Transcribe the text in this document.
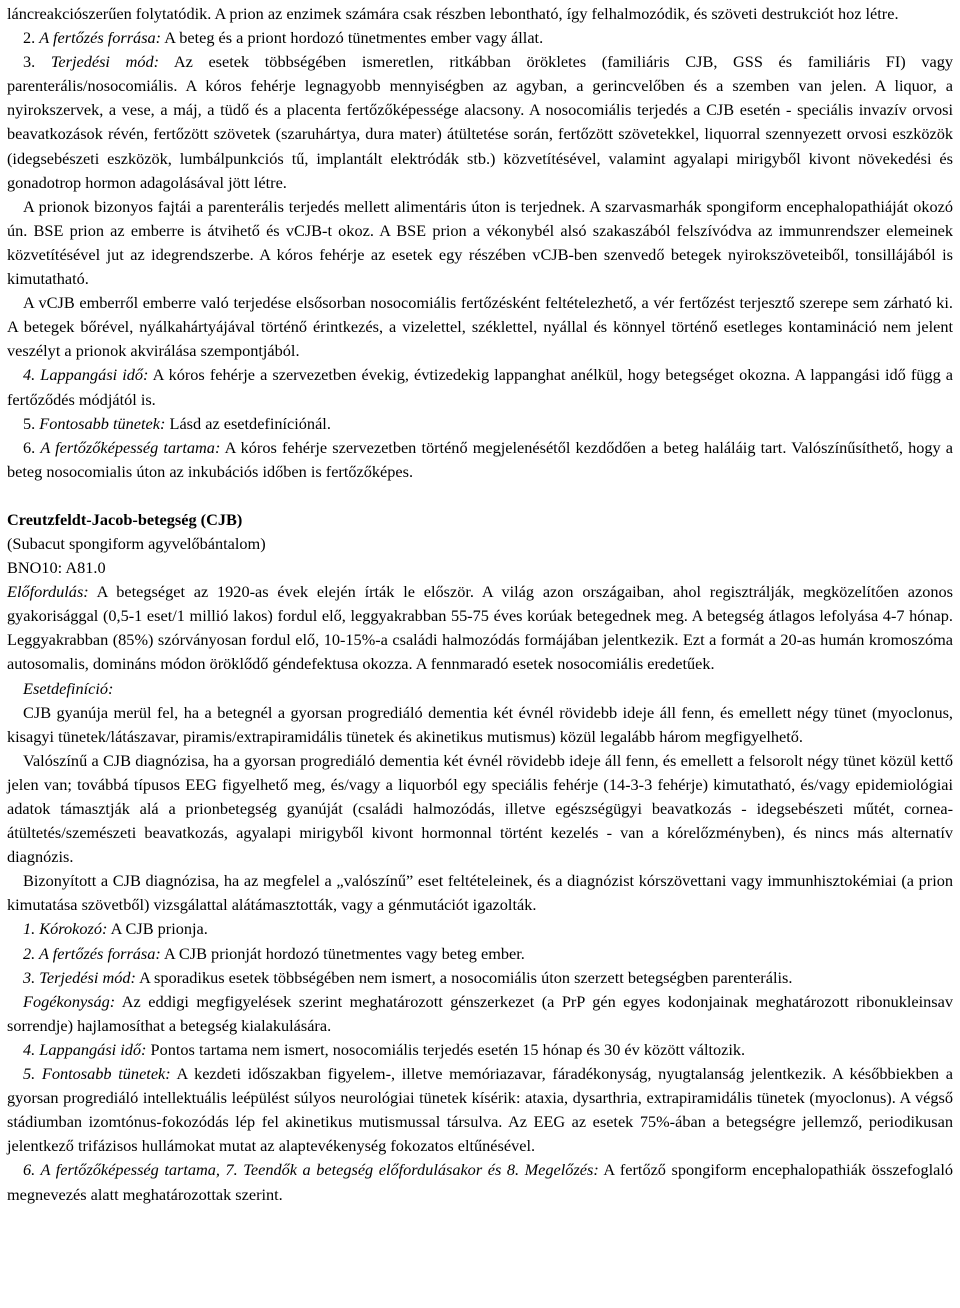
láncreakciószerűen folytatódik. A prion az enzimek számára csak részben lebontható, így felhalmozódik, és szöveti destrukciót hoz létre.

2. A fertőzés forrása: A beteg és a priont hordozó tünetmentes ember vagy állat.

3. Terjedési mód: Az esetek többségében ismeretlen, ritkábban örökletes (familiáris CJB, GSS és familiáris FI) vagy parenterális/nosocomiális. A kóros fehérje legnagyobb mennyiségben az agyban, a gerincvelőben és a szemben van jelen. A liquor, a nyirokszervek, a vese, a máj, a tüdő és a placenta fertőzőképessége alacsony. A nosocomiális terjedés a CJB esetén - speciális invazív orvosi beavatkozások révén, fertőzött szövetek (szaruhártya, dura mater) átültetése során, fertőzött szövetekkel, liquorral szennyezett orvosi eszközök (idegsebészeti eszközök, lumbálpunkciós tű, implantált elektródák stb.) közvetítésével, valamint agyalapi mirigyből kivont növekedési és gonadotrop hormon adagolásával jött létre.

A prionok bizonyos fajtái a parenterális terjedés mellett alimentáris úton is terjednek. A szarvasmarhák spongiform encephalopathiáját okozó ún. BSE prion az emberre is átvihető és vCJB-t okoz. A BSE prion a vékonybél alsó szakaszából felszívódva az immunrendszer elemeinek közvetítésével jut az idegrendszerbe. A kóros fehérje az esetek egy részében vCJB-ben szenvedő betegek nyirokszöveteiből, tonsillájából is kimutatható.

A vCJB emberről emberre való terjedése elsősorban nosocomiális fertőzésként feltételezhető, a vér fertőzést terjesztő szerepe sem zárható ki. A betegek bőrével, nyálkahártyájával történő érintkezés, a vizelettel, széklettel, nyállal és könnyel történő esetleges kontamináció nem jelent veszélyt a prionok akvirálása szempontjából.

4. Lappangási idő: A kóros fehérje a szervezetben évekig, évtizedekig lappanghat anélkül, hogy betegséget okozna. A lappangási idő függ a fertőződés módjától is.

5. Fontosabb tünetek: Lásd az esetdefiníciónál.

6. A fertőzőképesség tartama: A kóros fehérje szervezetben történő megjelenésétől kezdődően a beteg haláláig tart. Valószínűsíthető, hogy a beteg nosocomialis úton az inkubációs időben is fertőzőképes.

Creutzfeldt-Jacob-betegség (CJB)

(Subacut spongiform agyvelőbántalom)

BNO10: A81.0

Előfordulás: A betegséget az 1920-as évek elején írták le először. A világ azon országaiban, ahol regisztrálják, megközelítően azonos gyakorisággal (0,5-1 eset/1 millió lakos) fordul elő, leggyakrabban 55-75 éves korúak betegednek meg. A betegség átlagos lefolyása 4-7 hónap. Leggyakrabban (85%) szórványosan fordul elő, 10-15%-a családi halmozódás formájában jelentkezik. Ezt a formát a 20-as humán kromoszóma autosomalis, domináns módon öröklődő géndefektusa okozza. A fennmaradó esetek nosocomiális eredetűek.

Esetdefiníció:

CJB gyanúja merül fel, ha a betegnél a gyorsan progrediáló dementia két évnél rövidebb ideje áll fenn, és emellett négy tünet (myoclonus, kisagyi tünetek/látászavar, piramis/extrapiramidális tünetek és akinetikus mutismus) közül legalább három megfigyelhető.

Valószínű a CJB diagnózisa, ha a gyorsan progrediáló dementia két évnél rövidebb ideje áll fenn, és emellett a felsorolt négy tünet közül kettő jelen van; továbbá típusos EEG figyelhető meg, és/vagy a liquorból egy speciális fehérje (14-3-3 fehérje) kimutatható, és/vagy epidemiológiai adatok támasztják alá a prionbetegség gyanúját (családi halmozódás, illetve egészségügyi beavatkozás - idegsebészeti műtét, cornea-átültetés/szemészeti beavatkozás, agyalapi mirigyből kivont hormonnal történt kezelés - van a kórelőzményben), és nincs más alternatív diagnózis.

Bizonyított a CJB diagnózisa, ha az megfelel a „valószínű” eset feltételeinek, és a diagnózist kórszövettani vagy immunhisztokémiai (a prion kimutatása szövetből) vizsgálattal alátámasztották, vagy a génmutációt igazolták.

1. Kórokozó: A CJB prionja.

2. A fertőzés forrása: A CJB prionját hordozó tünetmentes vagy beteg ember.

3. Terjedési mód: A sporadikus esetek többségében nem ismert, a nosocomiális úton szerzett betegségben parenterális.

Fogékonyság: Az eddigi megfigyelések szerint meghatározott génszerkezet (a PrP gén egyes kodonjainak meghatározott ribonukleinsav sorrendje) hajlamosíthat a betegség kialakulására.

4. Lappangási idő: Pontos tartama nem ismert, nosocomiális terjedés esetén 15 hónap és 30 év között változik.

5. Fontosabb tünetek: A kezdeti időszakban figyelem-, illetve memóriazavar, fáradékonyság, nyugtalanság jelentkezik. A későbbiekben a gyorsan progrediáló intellektuális leépülést súlyos neurológiai tünetek kísérik: ataxia, dysarthria, extrapiramidális tünetek (myoclonus). A végső stádiumban izomtónus-fokozódás lép fel akinetikus mutismussal társulva. Az EEG az esetek 75%-ában a betegségre jellemző, periodikusan jelentkező trifázisos hullámokat mutat az alaptevékenység fokozatos eltűnésével.

6. A fertőzőképesség tartama, 7. Teendők a betegség előfordulásakor és 8. Megelőzés: A fertőző spongiform encephalopathiák összefoglaló megnevezés alatt meghatározottak szerint.
